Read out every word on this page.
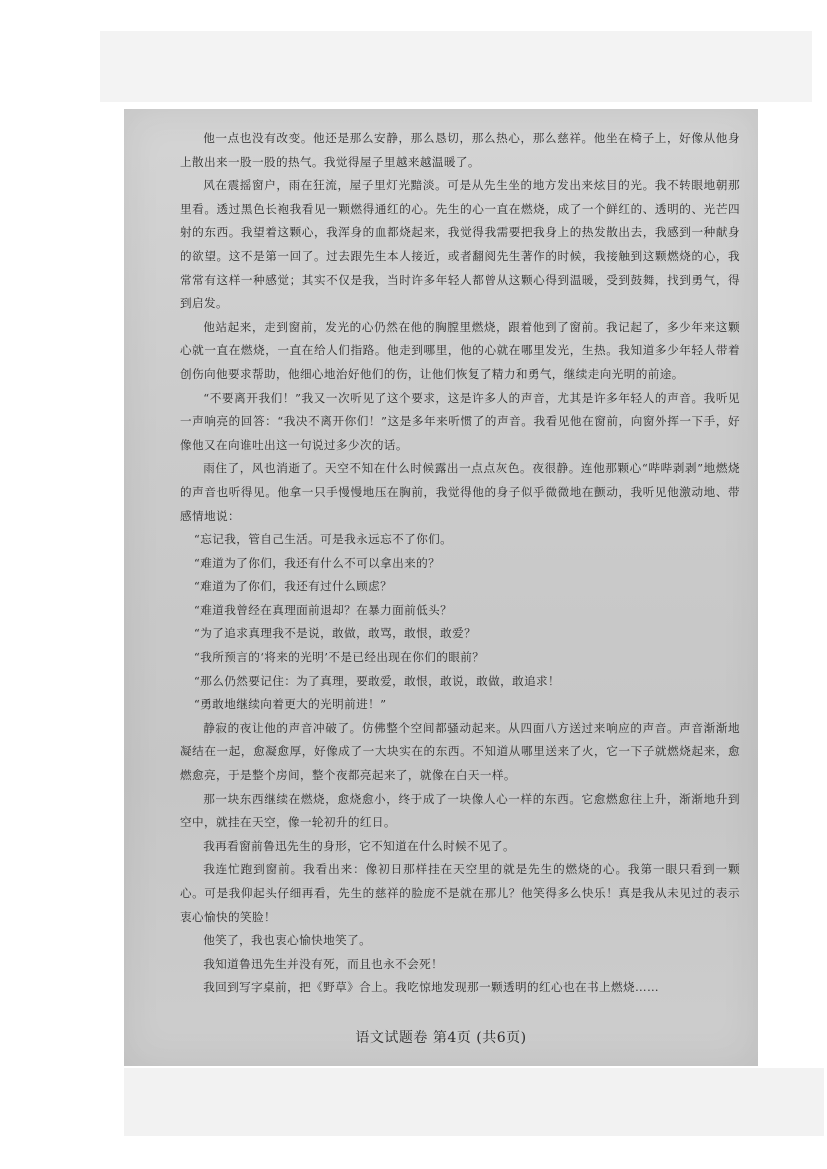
他一点也没有改变。他还是那么安静，那么恳切，那么热心，那么慈祥。他坐在椅子上，好像从他身上散出来一股一股的热气。我觉得屋子里越来越温暖了。

风在震摇窗户，雨在狂流，屋子里灯光黯淡。可是从先生坐的地方发出来炫目的光。我不转眼地朝那里看。透过黑色长袍我看见一颗燃得通红的心。先生的心一直在燃烧，成了一个鲜红的、透明的、光芒四射的东西。我望着这颗心，我浑身的血都烧起来，我觉得我需要把我身上的热发散出去，我感到一种献身的欲望。这不是第一回了。过去跟先生本人接近，或者翻阅先生著作的时候，我接触到这颗燃烧的心，我常常有这样一种感觉；其实不仅是我，当时许多年轻人都曾从这颗心得到温暖，受到鼓舞，找到勇气，得到启发。

他站起来，走到窗前，发光的心仍然在他的胸膛里燃烧，跟着他到了窗前。我记起了，多少年来这颗心就一直在燃烧，一直在给人们指路。他走到哪里，他的心就在哪里发光，生热。我知道多少年轻人带着创伤向他要求帮助，他细心地治好他们的伤，让他们恢复了精力和勇气，继续走向光明的前途。

“不要离开我们！”我又一次听见了这个要求，这是许多人的声音，尤其是许多年轻人的声音。我听见一声响亮的回答：“我决不离开你们！”这是多年来听惯了的声音。我看见他在窗前，向窗外挥一下手，好像他又在向谁吐出这一句说过多少次的话。

雨住了，风也消逝了。天空不知在什么时候露出一点点灰色。夜很静。连他那颗心“哔哔剥剥”地燃烧的声音也听得见。他拿一只手慢慢地压在胸前，我觉得他的身子似乎微微地在颤动，我听见他激动地、带感情地说：

“忘记我，管自己生活。可是我永远忘不了你们。

“难道为了你们，我还有什么不可以拿出来的？

“难道为了你们，我还有过什么顾虑？

“难道我曾经在真理面前退却？在暴力面前低头？

“为了追求真理我不是说，敢做，敢骂，敢恨，敢爱？

“我所预言的‘将来的光明’不是已经出现在你们的眼前？

“那么仍然要记住：为了真理，要敢爱，敢恨，敢说，敢做，敢追求！

“勇敢地继续向着更大的光明前进！”

静寂的夜让他的声音冲破了。仿佛整个空间都骚动起来。从四面八方送过来响应的声音。声音渐渐地凝结在一起，愈凝愈厚，好像成了一大块实在的东西。不知道从哪里送来了火，它一下子就燃烧起来，愈燃愈亮，于是整个房间，整个夜都亮起来了，就像在白天一样。

那一块东西继续在燃烧，愈烧愈小，终于成了一块像人心一样的东西。它愈燃愈往上升，渐渐地升到空中，就挂在天空，像一轮初升的红日。

我再看窗前鲁迅先生的身形，它不知道在什么时候不见了。

我连忙跑到窗前。我看出来：像初日那样挂在天空里的就是先生的燃烧的心。我第一眼只看到一颗心。可是我仰起头仔细再看，先生的慈祥的脸庞不是就在那儿？他笑得多么快乐！真是我从未见过的表示衷心愉快的笑脸！

他笑了，我也衷心愉快地笑了。

我知道鲁迅先生并没有死，而且也永不会死！

我回到写字桌前，把《野草》合上。我吃惊地发现那一颗透明的红心也在书上燃烧……

语文试题卷 第4页 (共6页)
